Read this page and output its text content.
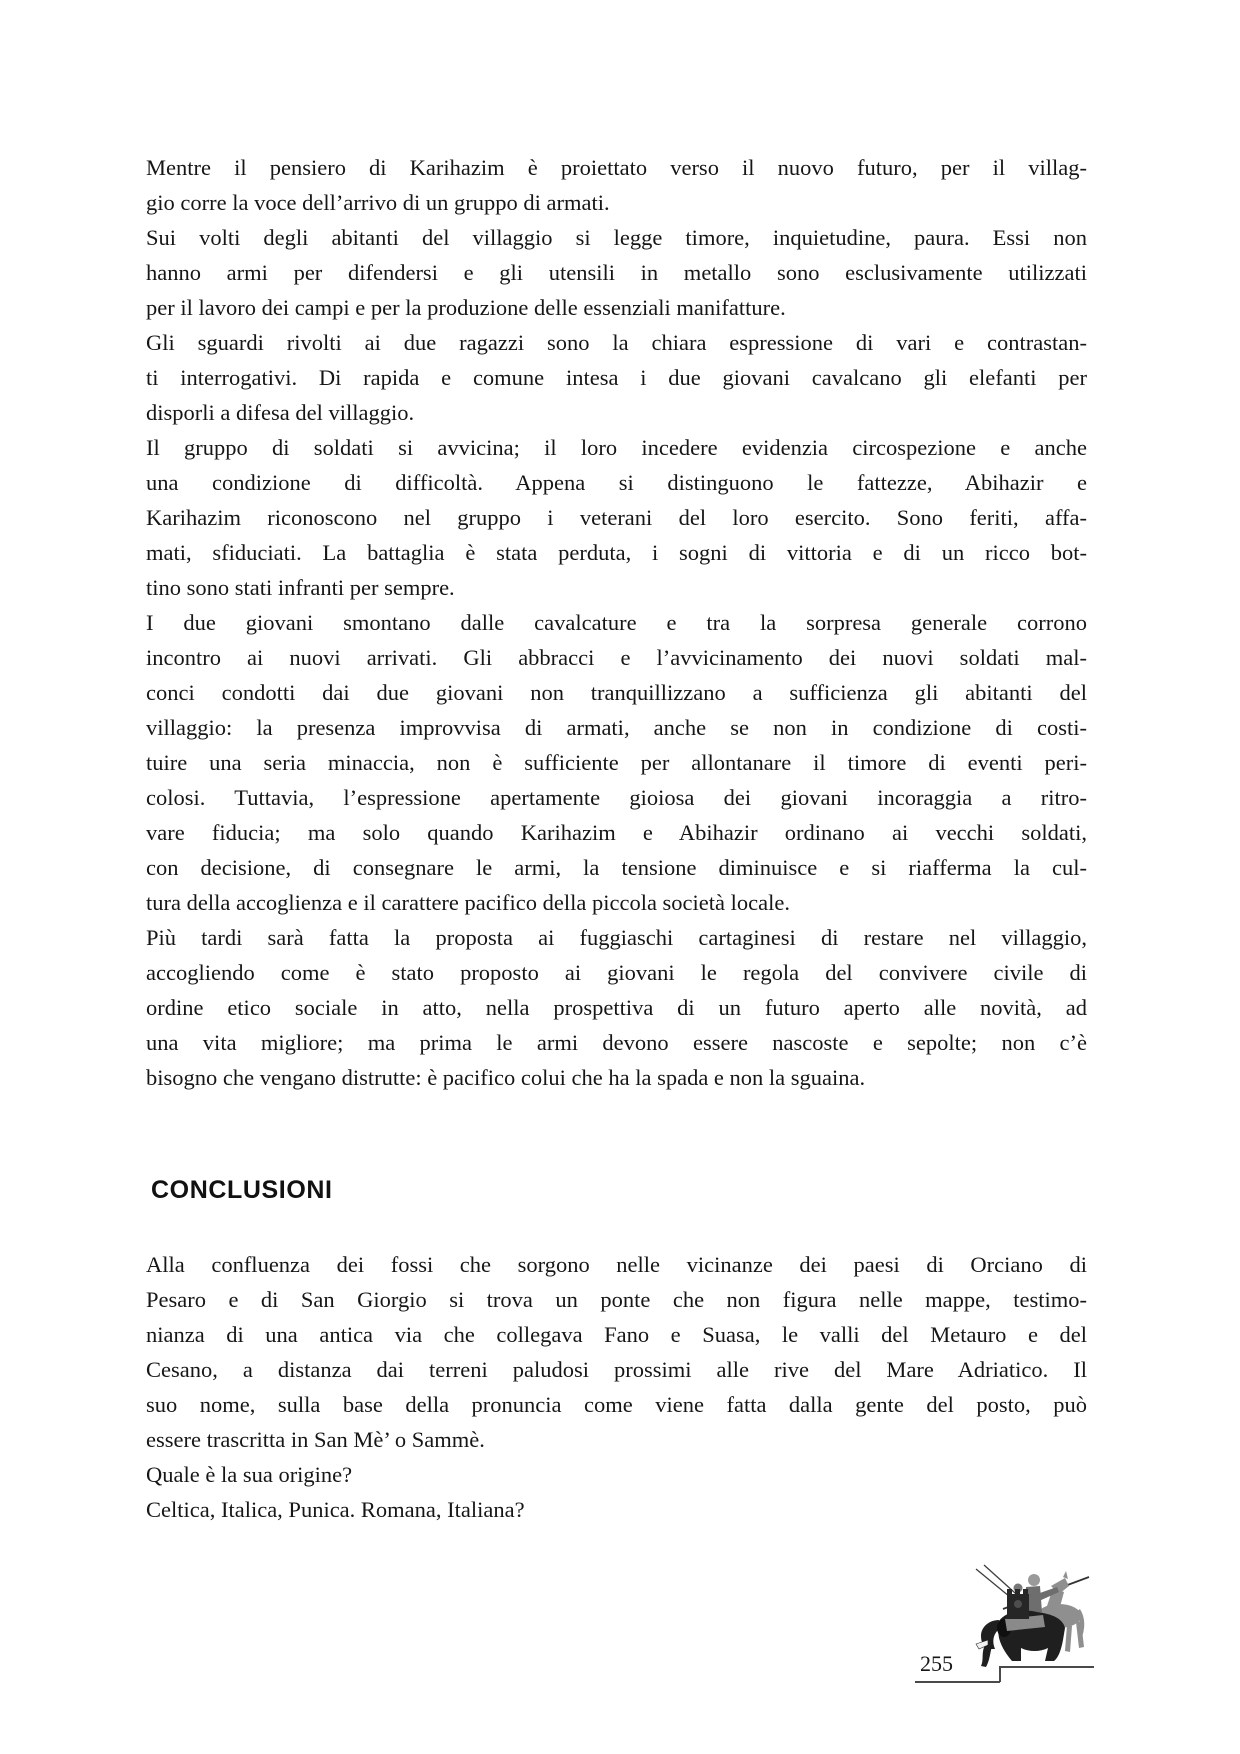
Mentre il pensiero di Karihazim è proiettato verso il nuovo futuro, per il villag-
gio corre la voce dell’arrivo di un gruppo di armati.
Sui volti degli abitanti del villaggio si legge timore, inquietudine, paura. Essi non
hanno armi per difendersi e gli utensili in metallo sono esclusivamente utilizzati
per il lavoro dei campi e per la produzione delle essenziali manifatture.
Gli sguardi rivolti ai due ragazzi sono la chiara espressione di vari e contrastan-
ti interrogativi. Di rapida e comune intesa i due giovani cavalcano gli elefanti per
disporli a difesa del villaggio.
Il gruppo di soldati si avvicina; il loro incedere evidenzia circospezione e anche
una condizione di difficoltà. Appena si distinguono le fattezze, Abihazir e
Karihazim riconoscono nel gruppo i veterani del loro esercito. Sono feriti, affa-
mati, sfiduciati. La battaglia è stata perduta, i sogni di vittoria e di un ricco bot-
tino sono stati infranti per sempre.
I due giovani smontano dalle cavalcature e tra la sorpresa generale corrono
incontro ai nuovi arrivati. Gli abbracci e l’avvicinamento dei nuovi soldati mal-
conci condotti dai due giovani non tranquillizzano a sufficienza gli abitanti del
villaggio: la presenza improvvisa di armati, anche se non in condizione di costi-
tuire una seria minaccia, non è sufficiente per allontanare il timore di eventi peri-
colosi. Tuttavia, l’espressione apertamente gioiosa dei giovani incoraggia a ritro-
vare fiducia; ma solo quando Karihazim e Abihazir ordinano ai vecchi soldati,
con decisione, di consegnare le armi, la tensione diminuisce e si riafferma la cul-
tura della accoglienza e il carattere pacifico della piccola società locale.
Più tardi sarà fatta la proposta ai fuggiaschi cartaginesi di restare nel villaggio,
accogliendo come è stato proposto ai giovani le regola del convivere civile di
ordine etico sociale in atto, nella prospettiva di un futuro aperto alle novità, ad
una vita migliore; ma prima le armi devono essere nascoste e sepolte; non c’è
bisogno che vengano distrutte: è pacifico colui che ha la spada e non la sguaina.
CONCLUSIONI
Alla confluenza dei fossi che sorgono nelle vicinanze dei paesi di Orciano di
Pesaro e di San Giorgio si trova un ponte che non figura nelle mappe, testimo-
nianza di una antica via che collegava Fano e Suasa, le valli del Metauro e del
Cesano, a distanza dai terreni paludosi prossimi alle rive del Mare Adriatico. Il
suo nome, sulla base della pronuncia come viene fatta dalla gente del posto, può
essere trascritta in San Mè’ o Sammè.
Quale è la sua origine?
Celtica, Italica, Punica. Romana, Italiana?
255
